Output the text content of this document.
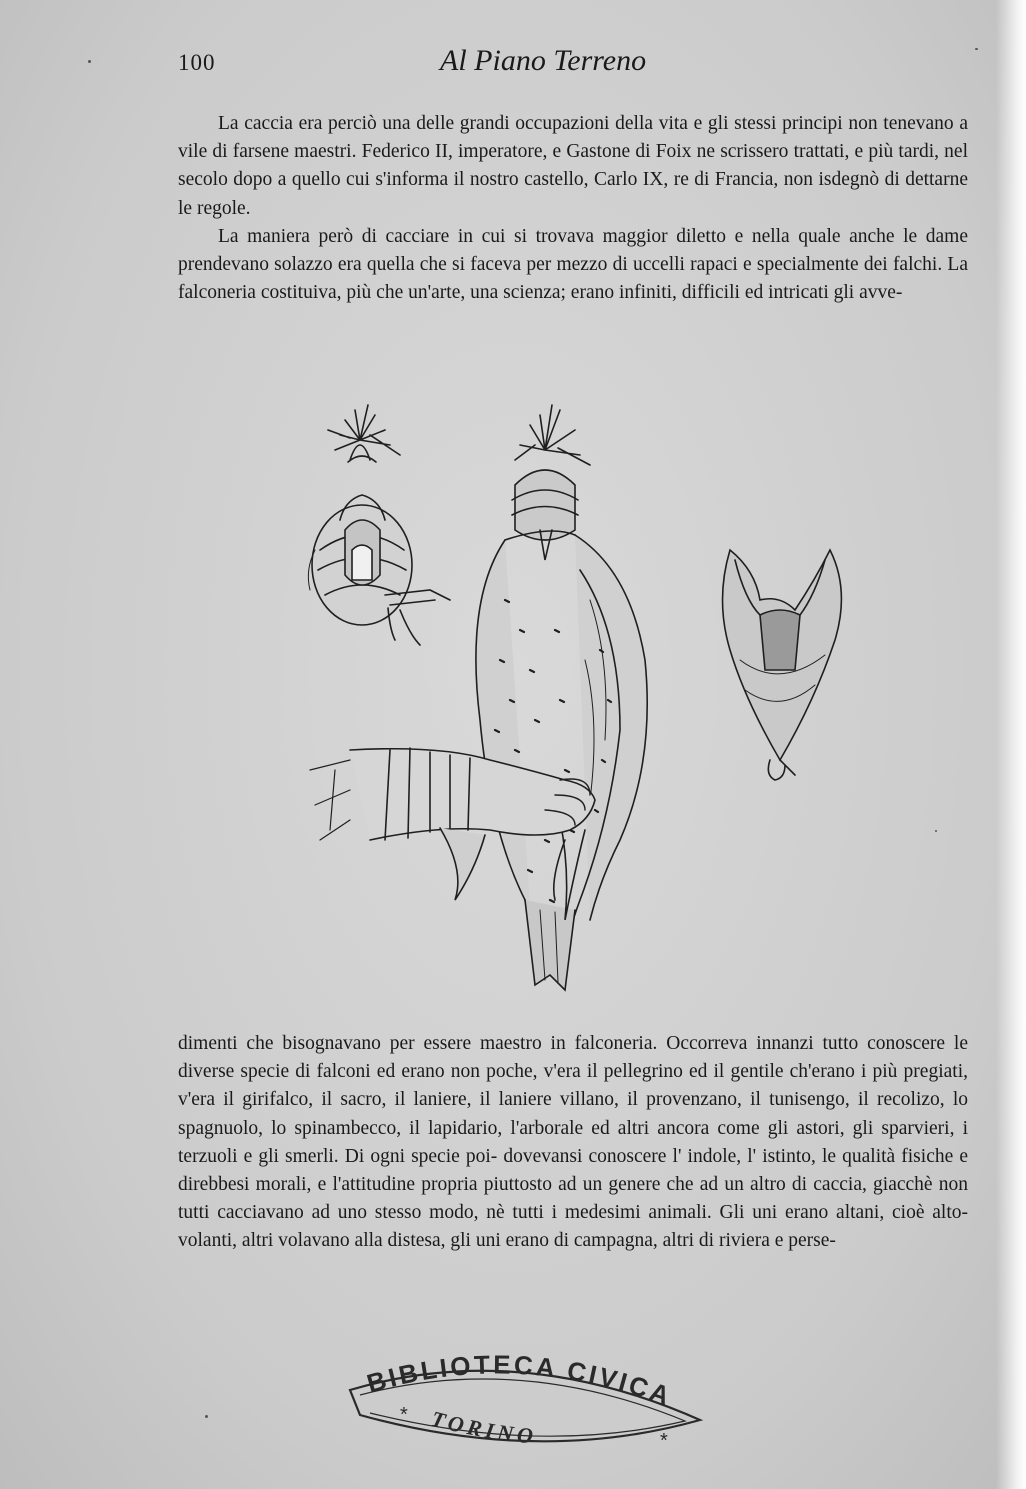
100	Al Piano Terreno

La caccia era perciò una delle grandi occupazioni della vita e gli stessi principi non tenevano a vile di farsene maestri. Federico II, imperatore, e Gastone di Foix ne scrissero trattati, e più tardi, nel secolo dopo a quello cui s'informa il nostro castello, Carlo IX, re di Francia, non isdegnò di dettarne le regole.

La maniera però di cacciare in cui si trovava maggior diletto e nella quale anche le dame prendevano solazzo era quella che si faceva per mezzo di uccelli rapaci e specialmente dei falchi. La falconeria costituiva, più che un'arte, una scienza; erano infiniti, difficili ed intricati gli avve-

dimenti che bisognavano per essere maestro in falconeria. Occorreva innanzi tutto conoscere le diverse specie di falconi ed erano non poche, v'era il pellegrino ed il gentile ch'erano i più pregiati, v'era il girifalco, il sacro, il laniere, il laniere villano, il provenzano, il tunisengo, il recolizo, lo spagnuolo, lo spinambecco, il lapidario, l'arborale ed altri ancora come gli astori, gli sparvieri, i terzuoli e gli smerli. Di ogni specie poi- dovevansi conoscere l' indole, l' istinto, le qualità fisiche e direbbesi morali, e l'attitudine propria piuttosto ad un genere che ad un altro di caccia, giacchè non tutti cacciavano ad uno stesso modo, nè tutti i medesimi animali. Gli uni erano altani, cioè alto-volanti, altri volavano alla distesa, gli uni erano di campagna, altri di riviera e perse-

BIBLIOTECA CIVICA
*
*
TORINO
